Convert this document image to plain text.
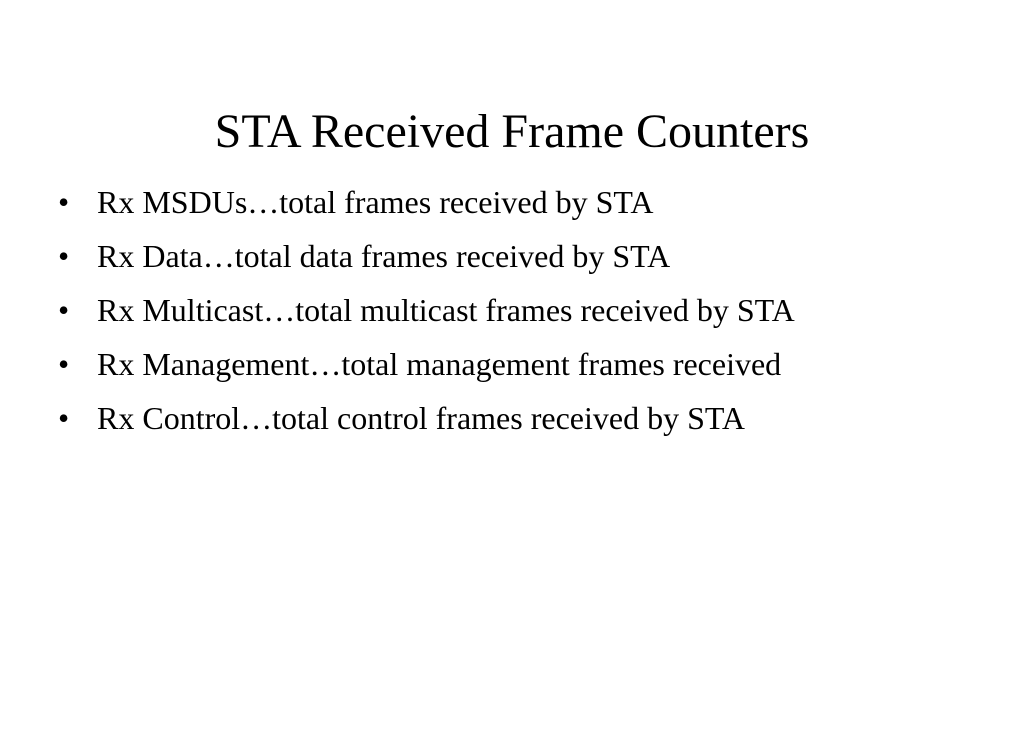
STA Received Frame Counters
• Rx MSDUs…total frames received by STA
• Rx Data…total data frames received by STA
• Rx Multicast…total multicast frames received by STA
• Rx Management…total management frames received
• Rx Control…total control frames received by STA
